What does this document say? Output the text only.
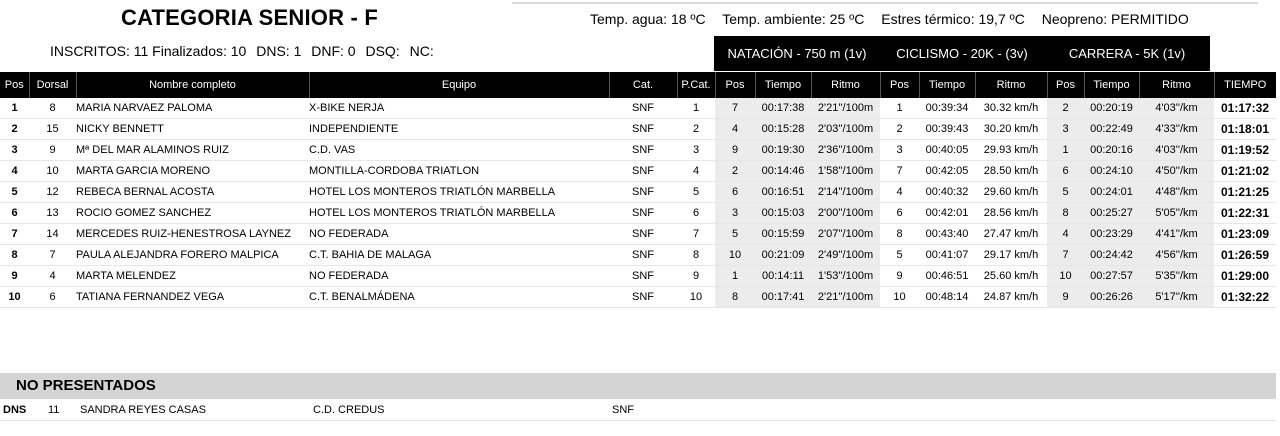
CATEGORIA SENIOR - F	Temp. agua: 18 ºC Temp. ambiente: 25 ºC Estres térmico: 19,7 ºC Neopreno: PERMITIDO
INSCRITOS: 11 Finalizados: 10 DNS: 1 DNF: 0 DSQ: NC:	NATACIÓN - 750 m (1v)	CICLISMO - 20K - (3v)	CARRERA - 5K (1v)
Pos	Dorsal	Nombre completo	Equipo	Cat.	P.Cat.	Pos	Tiempo	Ritmo	Pos	Tiempo	Ritmo	Pos	Tiempo	Ritmo	TIEMPO
1	8	MARIA NARVAEZ PALOMA	X-BIKE NERJA	SNF	1	7	00:17:38	2'21''/100m	1	00:39:34	30.32 km/h	2	00:20:19	4'03''/km	01:17:32
2	15	NICKY BENNETT	INDEPENDIENTE	SNF	2	4	00:15:28	2'03''/100m	2	00:39:43	30.20 km/h	3	00:22:49	4'33''/km	01:18:01
3	9	Mª DEL MAR ALAMINOS RUIZ	C.D. VAS	SNF	3	9	00:19:30	2'36''/100m	3	00:40:05	29.93 km/h	1	00:20:16	4'03''/km	01:19:52
4	10	MARTA GARCIA MORENO	MONTILLA-CORDOBA TRIATLON	SNF	4	2	00:14:46	1'58''/100m	7	00:42:05	28.50 km/h	6	00:24:10	4'50''/km	01:21:02
5	12	REBECA BERNAL ACOSTA	HOTEL LOS MONTEROS TRIATLÓN MARBELLA	SNF	5	6	00:16:51	2'14''/100m	4	00:40:32	29.60 km/h	5	00:24:01	4'48''/km	01:21:25
6	13	ROCIO GOMEZ SANCHEZ	HOTEL LOS MONTEROS TRIATLÓN MARBELLA	SNF	6	3	00:15:03	2'00''/100m	6	00:42:01	28.56 km/h	8	00:25:27	5'05''/km	01:22:31
7	14	MERCEDES RUIZ-HENESTROSA LAYNEZ	NO FEDERADA	SNF	7	5	00:15:59	2'07''/100m	8	00:43:40	27.47 km/h	4	00:23:29	4'41''/km	01:23:09
8	7	PAULA ALEJANDRA FORERO MALPICA	C.T. BAHIA DE MALAGA	SNF	8	10	00:21:09	2'49''/100m	5	00:41:07	29.17 km/h	7	00:24:42	4'56''/km	01:26:59
9	4	MARTA MELENDEZ	NO FEDERADA	SNF	9	1	00:14:11	1'53''/100m	9	00:46:51	25.60 km/h	10	00:27:57	5'35''/km	01:29:00
10	6	TATIANA FERNANDEZ VEGA	C.T. BENALMÁDENA	SNF	10	8	00:17:41	2'21''/100m	10	00:48:14	24.87 km/h	9	00:26:26	5'17''/km	01:32:22
NO PRESENTADOS
DNS 11 SANDRA REYES CASAS	C.D. CREDUS	SNF
